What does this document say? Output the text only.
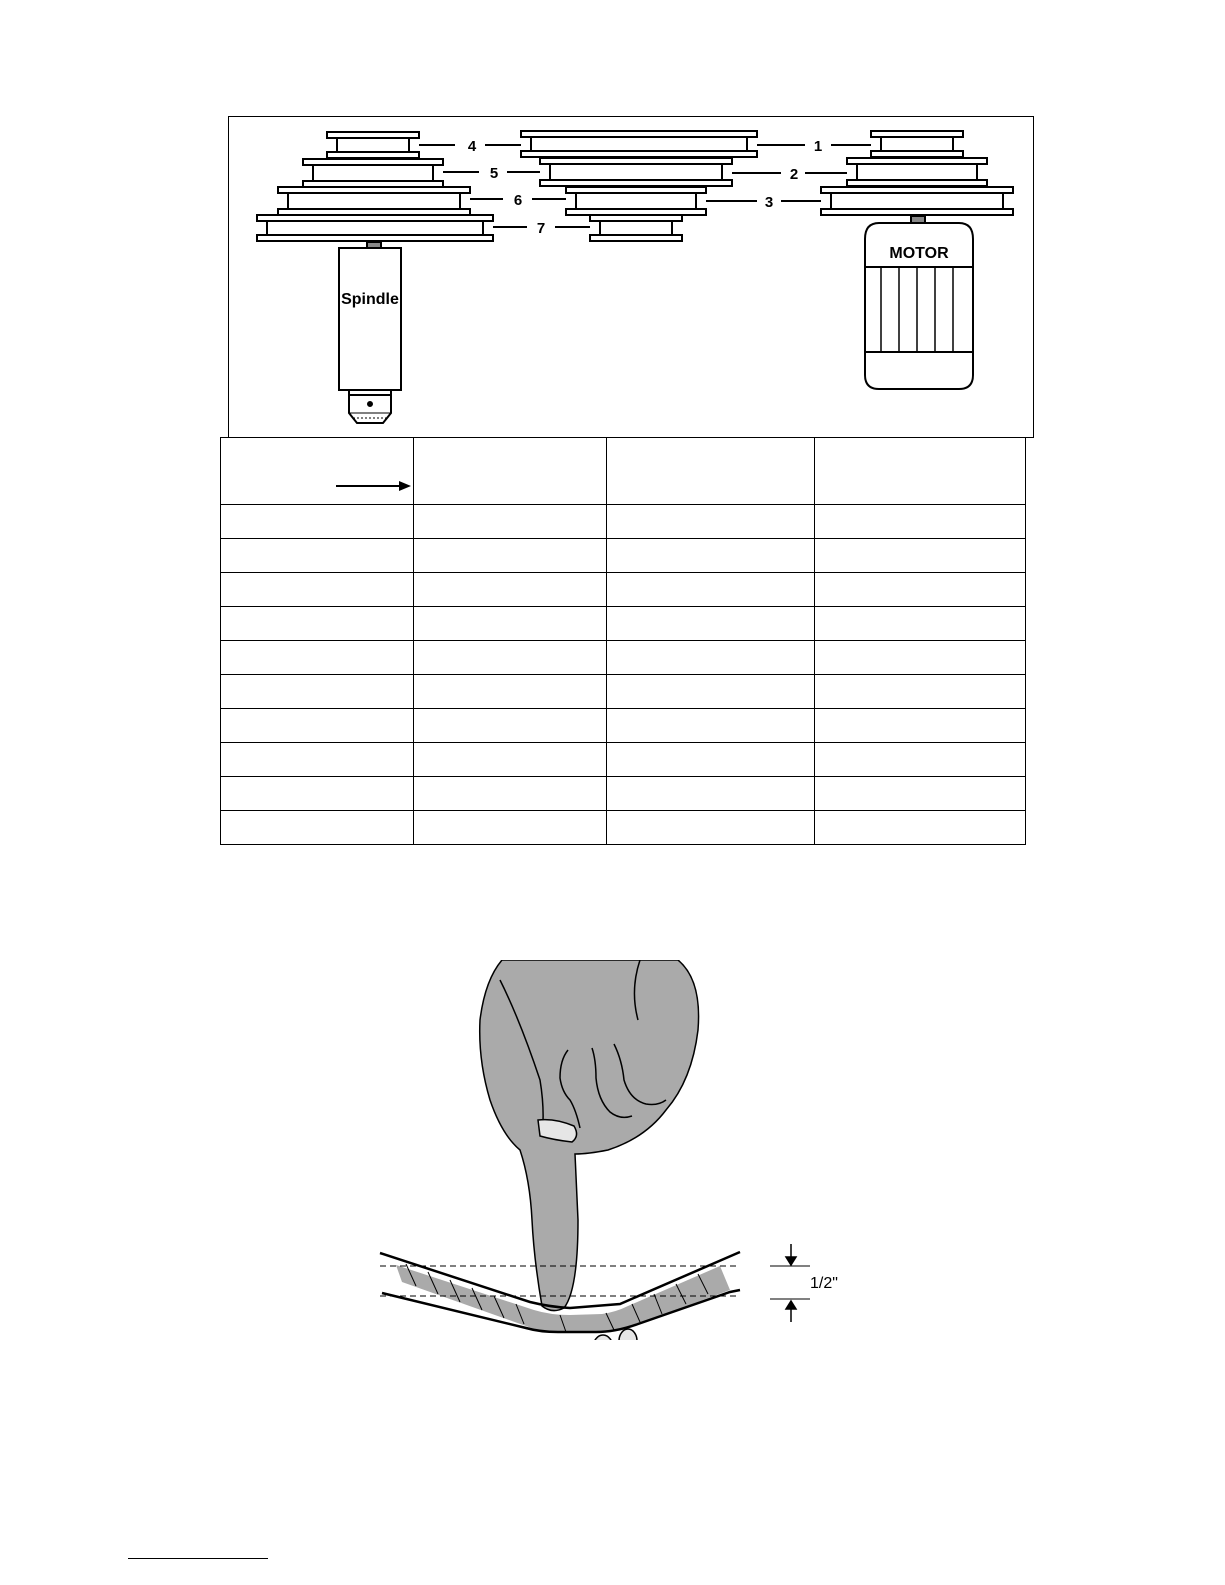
4
5
6
7
1
2
3
Spindle
MOTOR

1/2"
